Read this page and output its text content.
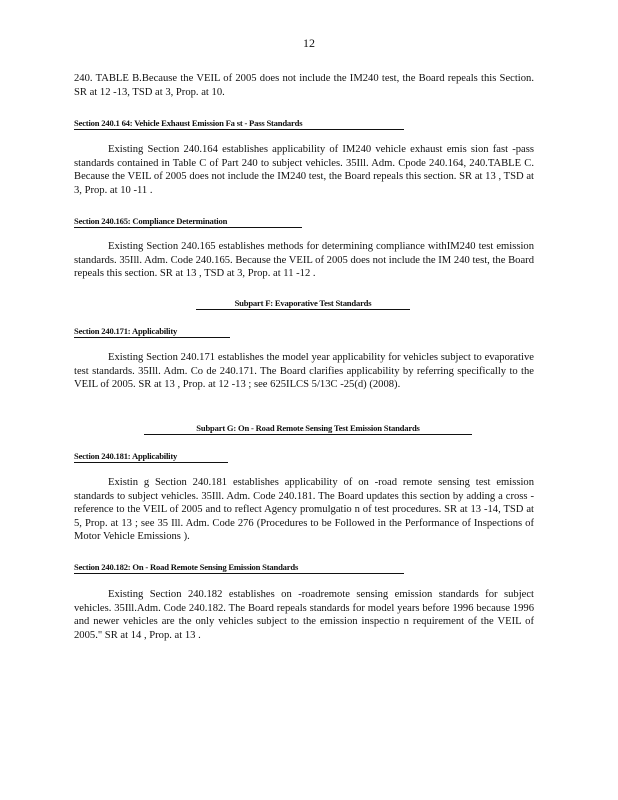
12

240. TABLE B.Because the VEIL of 2005 does not include the IM240 test, the Board repeals this Section. SR at 12 -13, TSD at 3, Prop. at 10.

Section 240.1 64: Vehicle Exhaust Emission Fa st - Pass Standards

Existing Section 240.164 establishes applicability of IM240 vehicle exhaust emis sion fast -pass standards contained in Table C of Part 240 to subject vehicles. 35Ill. Adm. Cpode 240.164, 240.TABLE C. Because the VEIL of 2005 does not include the IM240 test, the Board repeals this section. SR at 13 , TSD at 3, Prop. at 10 -11 .

Section 240.165: Compliance Determination

Existing Section 240.165 establishes methods for determining compliance withIM240 test emission standards. 35Ill. Adm. Code 240.165. Because the VEIL of 2005 does not include the IM 240 test, the Board repeals this section. SR at 13 , TSD at 3, Prop. at 11 -12 .

Subpart F: Evaporative Test Standards
Section 240.171: Applicability

Existing Section 240.171 establishes the model year applicability for vehicles subject to evaporative test standards. 35Ill. Adm. Co de 240.171. The Board clarifies applicability by referring specifically to the VEIL of 2005. SR at 13 , Prop. at 12 -13 ; see 625ILCS 5/13C -25(d) (2008).

Subpart G: On - Road Remote Sensing Test Emission Standards
Section 240.181: Applicability

Existin g Section 240.181 establishes applicability of on -road remote sensing test emission standards to subject vehicles. 35Ill. Adm. Code 240.181. The Board updates this section by adding a cross -reference to the VEIL of 2005 and to reflect Agency promulgatio n of test procedures. SR at 13 -14, TSD at 5, Prop. at 13 ; see 35 Ill. Adm. Code 276 (Procedures to be Followed in the Performance of Inspections of Motor Vehicle Emissions ).

Section 240.182: On - Road Remote Sensing Emission Standards

Existing Section 240.182 establishes on -roadremote sensing emission standards for subject vehicles. 35Ill.Adm. Code 240.182. The Board repeals standards for model years before 1996 because 1996 and newer vehicles are the only vehicles subject to the emission inspectio n requirement of the VEIL of 2005." SR at 14 , Prop. at 13 .
